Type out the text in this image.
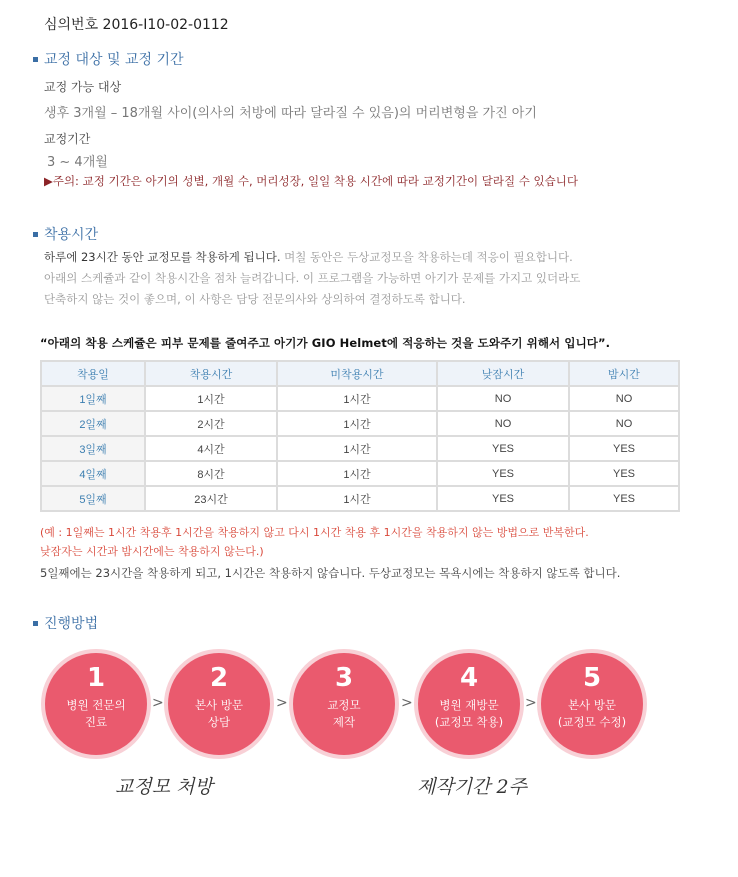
심의번호 2016-I10-02-0112
교정 대상 및 교정 기간
교정 가능 대상
생후 3개월 – 18개월 사이(의사의 처방에 따라 달라질 수 있음)의 머리변형을 가진 아기
교정기간
3 ~ 4개월
▶주의: 교정 기간은 아기의 성별, 개월 수, 머리성장, 일일 착용 시간에 따라 교정기간이 달라질 수 있습니다
착용시간
하루에 23시간 동안 교정모를 착용하게 됩니다. 며칠 동안은 두상교정모을 착용하는데 적응이 필요합니다.
아래의 스케쥴과 같이 착용시간을 점차 늘려갑니다. 이 프로그램을 가능하면 아기가 문제를 가지고 있더라도
단축하지 않는 것이 좋으며, 이 사항은 담당 전문의사와 상의하여 결정하도록 합니다.
“아래의 착용 스케쥴은 피부 문제를 줄여주고 아기가 GIO Helmet에 적응하는 것을 도와주기 위해서 입니다”.
착용일	착용시간	미착용시간	낮잠시간	밤시간
1일째	1시간	1시간	NO	NO
2일째	2시간	1시간	NO	NO
3일째	4시간	1시간	YES	YES
4일째	8시간	1시간	YES	YES
5일째	23시간	1시간	YES	YES
(예 : 1일째는 1시간 착용후 1시간을 착용하지 않고 다시 1시간 착용 후 1시간을 착용하지 않는 방법으로 반복한다.
낮잠자는 시간과 밤시간에는 착용하지 않는다.)
5일째에는 23시간을 착용하게 되고, 1시간은 착용하지 않습니다. 두상교정모는 목욕시에는 착용하지 않도록 합니다.
진행방법
1
병원 전문의
진료
>
2
본사 방문
상담
>
3
교정모
제작
>
4
병원 재방문
(교정모 착용)
>
5
본사 방문
(교정모 수정)
교정모 처방	제작기간 2주
